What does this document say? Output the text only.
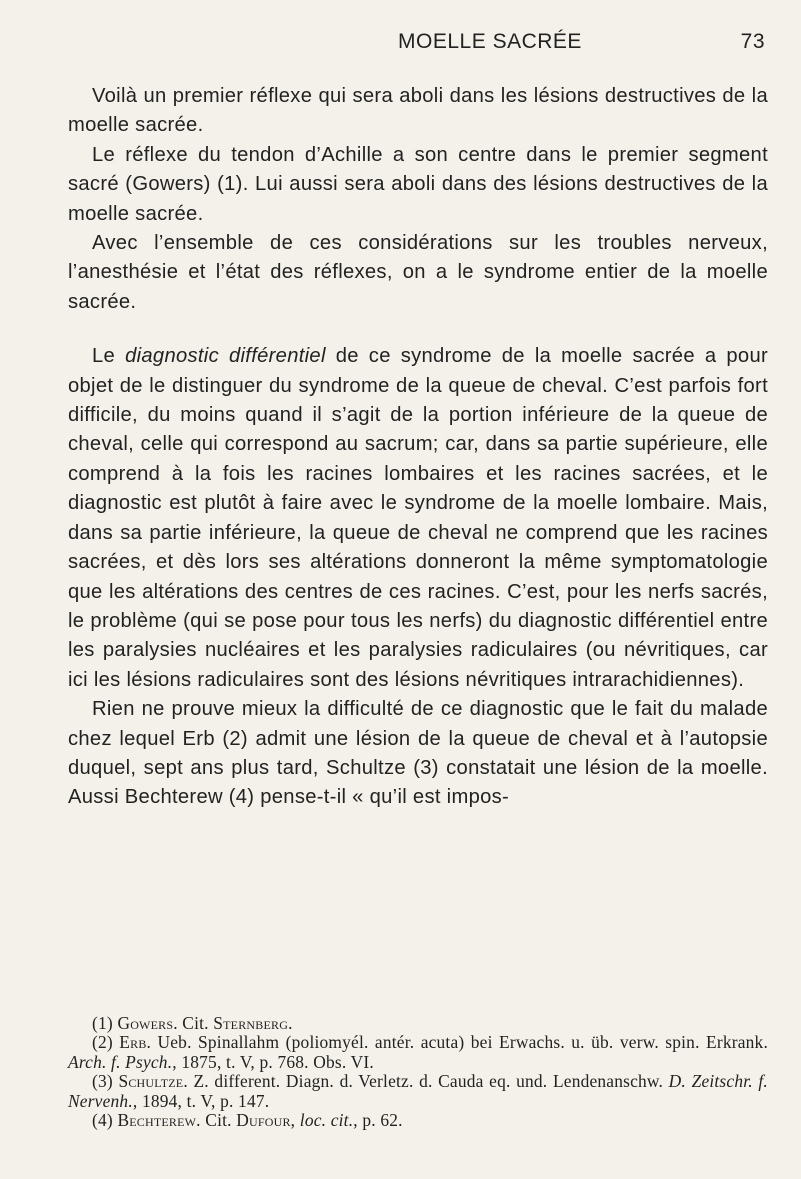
MOELLE SACRÉE	73

Voilà un premier réflexe qui sera aboli dans les lésions destructives de la moelle sacrée.

Le réflexe du tendon d’Achille a son centre dans le premier segment sacré (Gowers) (1). Lui aussi sera aboli dans des lésions destructives de la moelle sacrée.

Avec l’ensemble de ces considérations sur les troubles nerveux, l’anesthésie et l’état des réflexes, on a le syndrome entier de la moelle sacrée.

Le diagnostic différentiel de ce syndrome de la moelle sacrée a pour objet de le distinguer du syndrome de la queue de cheval. C’est parfois fort difficile, du moins quand il s’agit de la portion inférieure de la queue de cheval, celle qui correspond au sacrum; car, dans sa partie supérieure, elle comprend à la fois les racines lombaires et les racines sacrées, et le diagnostic est plutôt à faire avec le syndrome de la moelle lombaire. Mais, dans sa partie inférieure, la queue de cheval ne comprend que les racines sacrées, et dès lors ses altérations donneront la même symptomatologie que les altérations des centres de ces racines. C’est, pour les nerfs sacrés, le problème (qui se pose pour tous les nerfs) du diagnostic différentiel entre les paralysies nucléaires et les paralysies radiculaires (ou névritiques, car ici les lésions radiculaires sont des lésions névritiques intrarachidiennes).

Rien ne prouve mieux la difficulté de ce diagnostic que le fait du malade chez lequel Erb (2) admit une lésion de la queue de cheval et à l’autopsie duquel, sept ans plus tard, Schultze (3) constatait une lésion de la moelle. Aussi Bechterew (4) pense-t-il « qu’il est impos-

(1) Gowers. Cit. Sternberg.

(2) Erb. Ueb. Spinallahm (poliomyél. antér. acuta) bei Erwachs. u. üb. verw. spin. Erkrank. Arch. f. Psych., 1875, t. V, p. 768. Obs. VI.

(3) Schultze. Z. different. Diagn. d. Verletz. d. Cauda eq. und. Lendenanschw. D. Zeitschr. f. Nervenh., 1894, t. V, p. 147.

(4) Bechterew. Cit. Dufour, loc. cit., p. 62.
